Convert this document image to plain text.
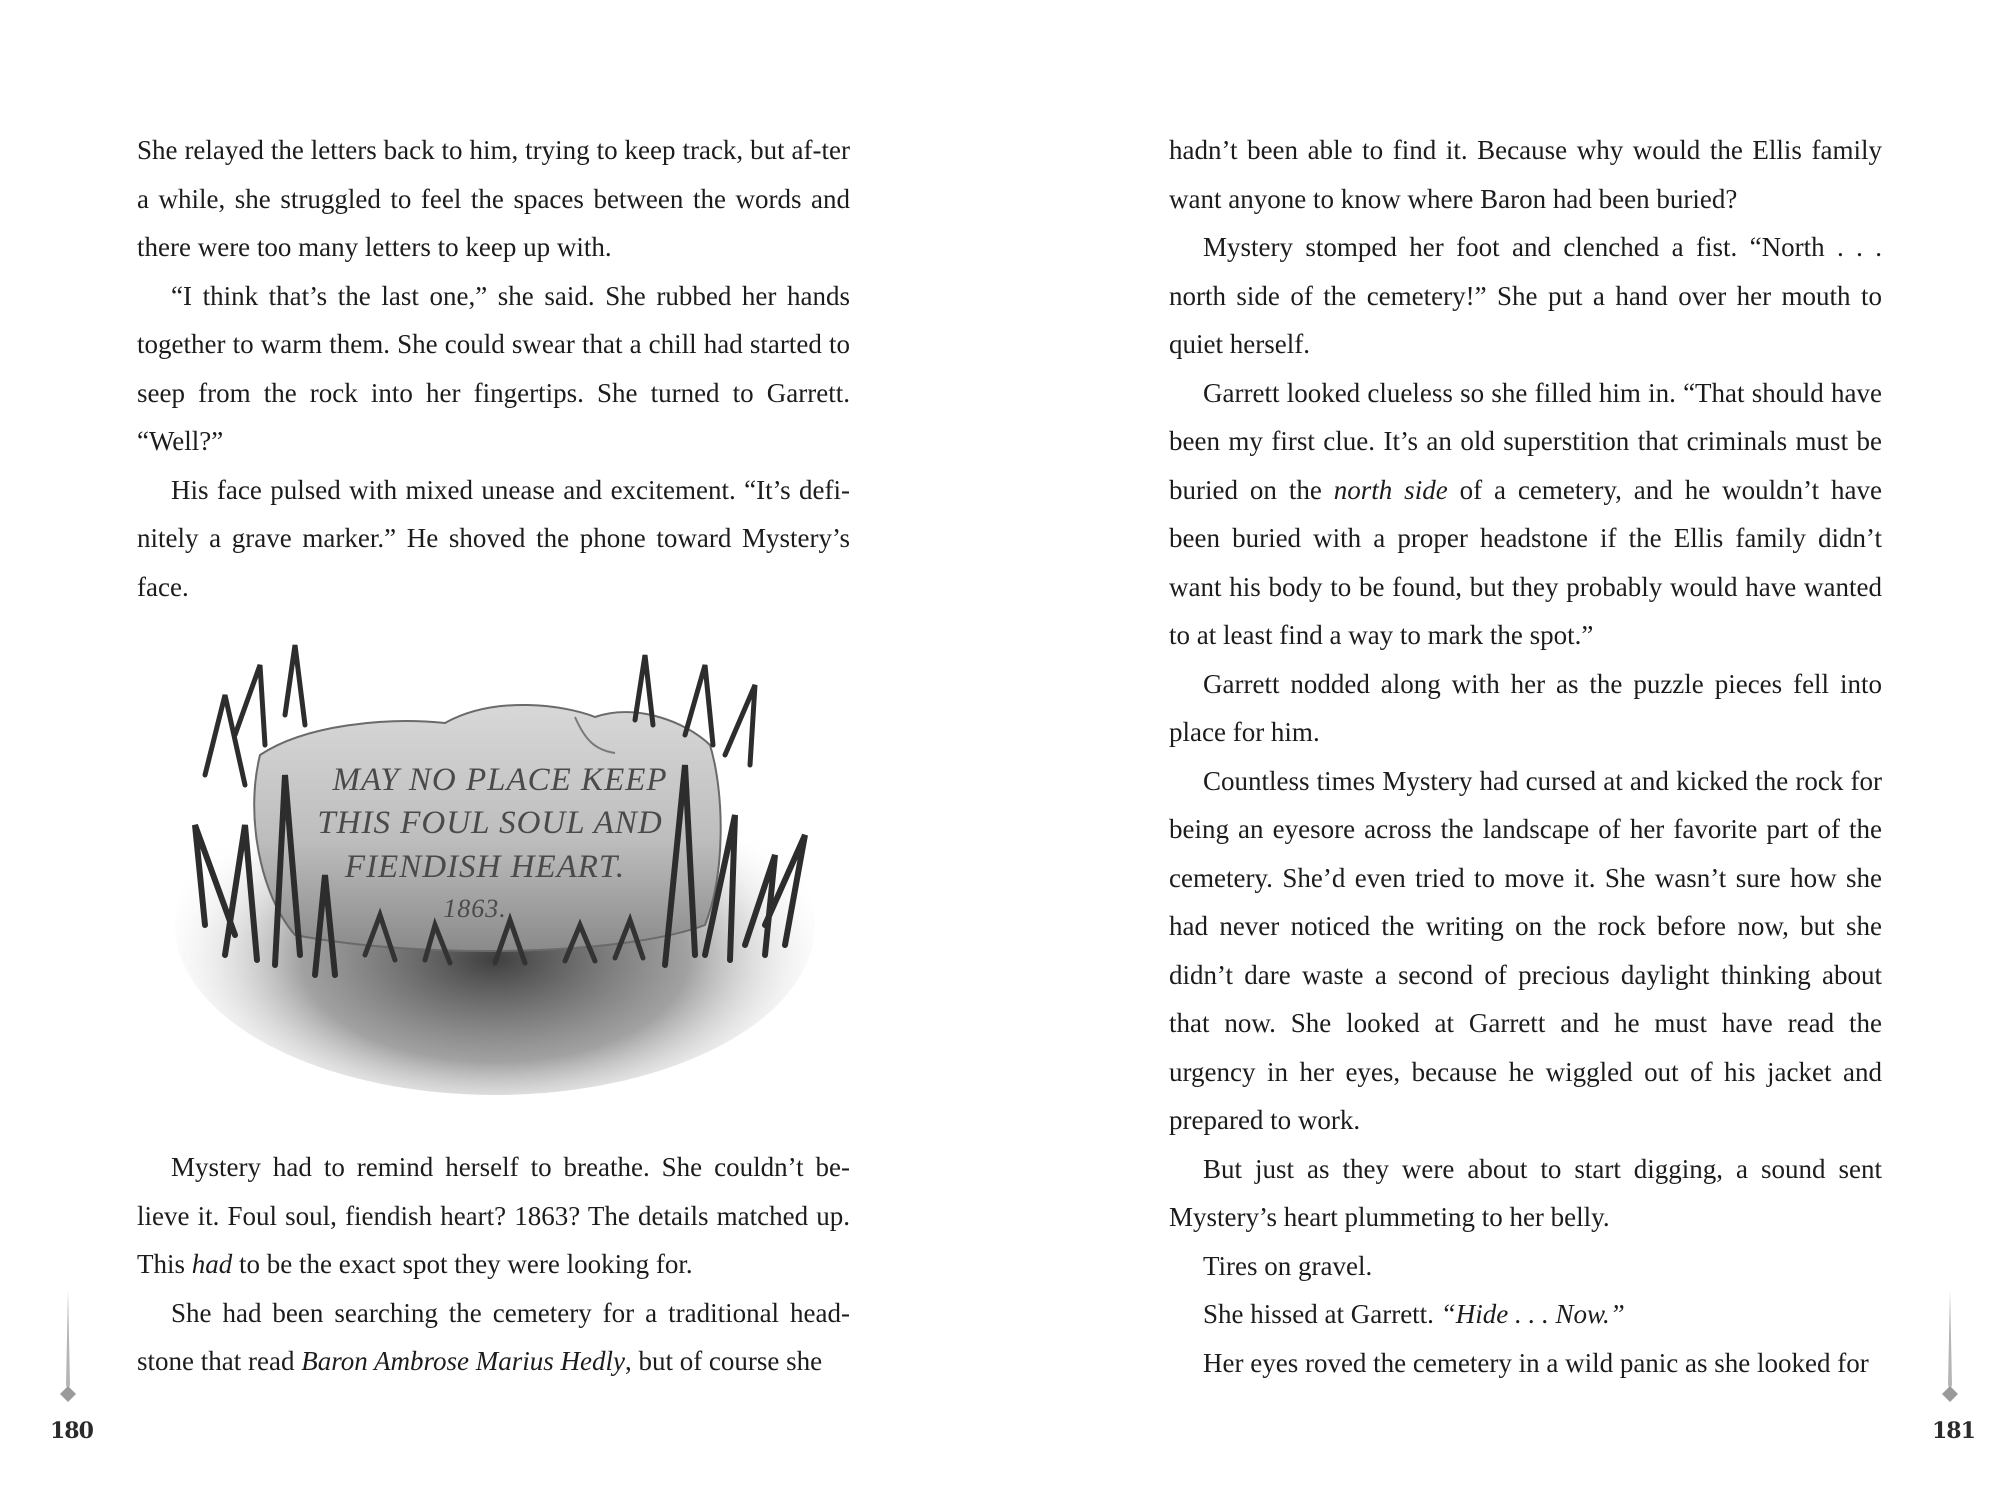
She relayed the letters back to him, trying to keep track, but af-ter a while, she struggled to feel the spaces between the words and there were too many letters to keep up with.

“I think that’s the last one,” she said. She rubbed her hands together to warm them. She could swear that a chill had started to seep from the rock into her fingertips. She turned to Garrett. “Well?”

His face pulsed with mixed unease and excitement. “It’s defi-nitely a grave marker.” He shoved the phone toward Mystery’s face.

MAY NO PLACE KEEP
THIS FOUL SOUL AND
FIENDISH HEART.
1863.

Mystery had to remind herself to breathe. She couldn’t be-lieve it. Foul soul, fiendish heart? 1863? The details matched up. This had to be the exact spot they were looking for.

She had been searching the cemetery for a traditional head-stone that read Baron Ambrose Marius Hedly, but of course she

180

hadn’t been able to find it. Because why would the Ellis family want anyone to know where Baron had been buried?

Mystery stomped her foot and clenched a fist. “North . . . north side of the cemetery!” She put a hand over her mouth to quiet herself.

Garrett looked clueless so she filled him in. “That should have been my first clue. It’s an old superstition that criminals must be buried on the north side of a cemetery, and he wouldn’t have been buried with a proper headstone if the Ellis family didn’t want his body to be found, but they probably would have wanted to at least find a way to mark the spot.”

Garrett nodded along with her as the puzzle pieces fell into place for him.

Countless times Mystery had cursed at and kicked the rock for being an eyesore across the landscape of her favorite part of the cemetery. She’d even tried to move it. She wasn’t sure how she had never noticed the writing on the rock before now, but she didn’t dare waste a second of precious daylight thinking about that now. She looked at Garrett and he must have read the urgency in her eyes, because he wiggled out of his jacket and prepared to work.

But just as they were about to start digging, a sound sent Mystery’s heart plummeting to her belly.

Tires on gravel.

She hissed at Garrett. “Hide . . . Now.”

Her eyes roved the cemetery in a wild panic as she looked for

181
